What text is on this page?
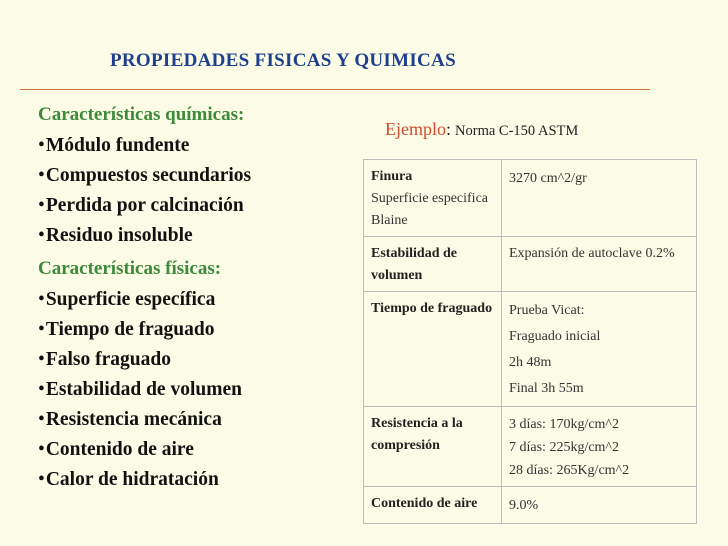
PROPIEDADES FISICAS Y QUIMICAS
Características químicas:
•Módulo fundente
•Compuestos secundarios
•Perdida por calcinación
•Residuo insoluble
Características físicas:
•Superficie específica
•Tiempo de fraguado
•Falso fraguado
•Estabilidad de volumen
•Resistencia mecánica
•Contenido de aire
•Calor de hidratación
Ejemplo: Norma C-150 ASTM
Finura
Superficie especifica Blaine	3270 cm^2/gr

Estabilidad de volumen	Expansión de autoclave 0.2%

Tiempo de fraguado	Prueba Vicat:
Fraguado inicial
2h 48m
Final 3h 55m

Resistencia a la compresión	3 días: 170kg/cm^2
7 días: 225kg/cm^2
28 días: 265Kg/cm^2

Contenido de aire	9.0%
